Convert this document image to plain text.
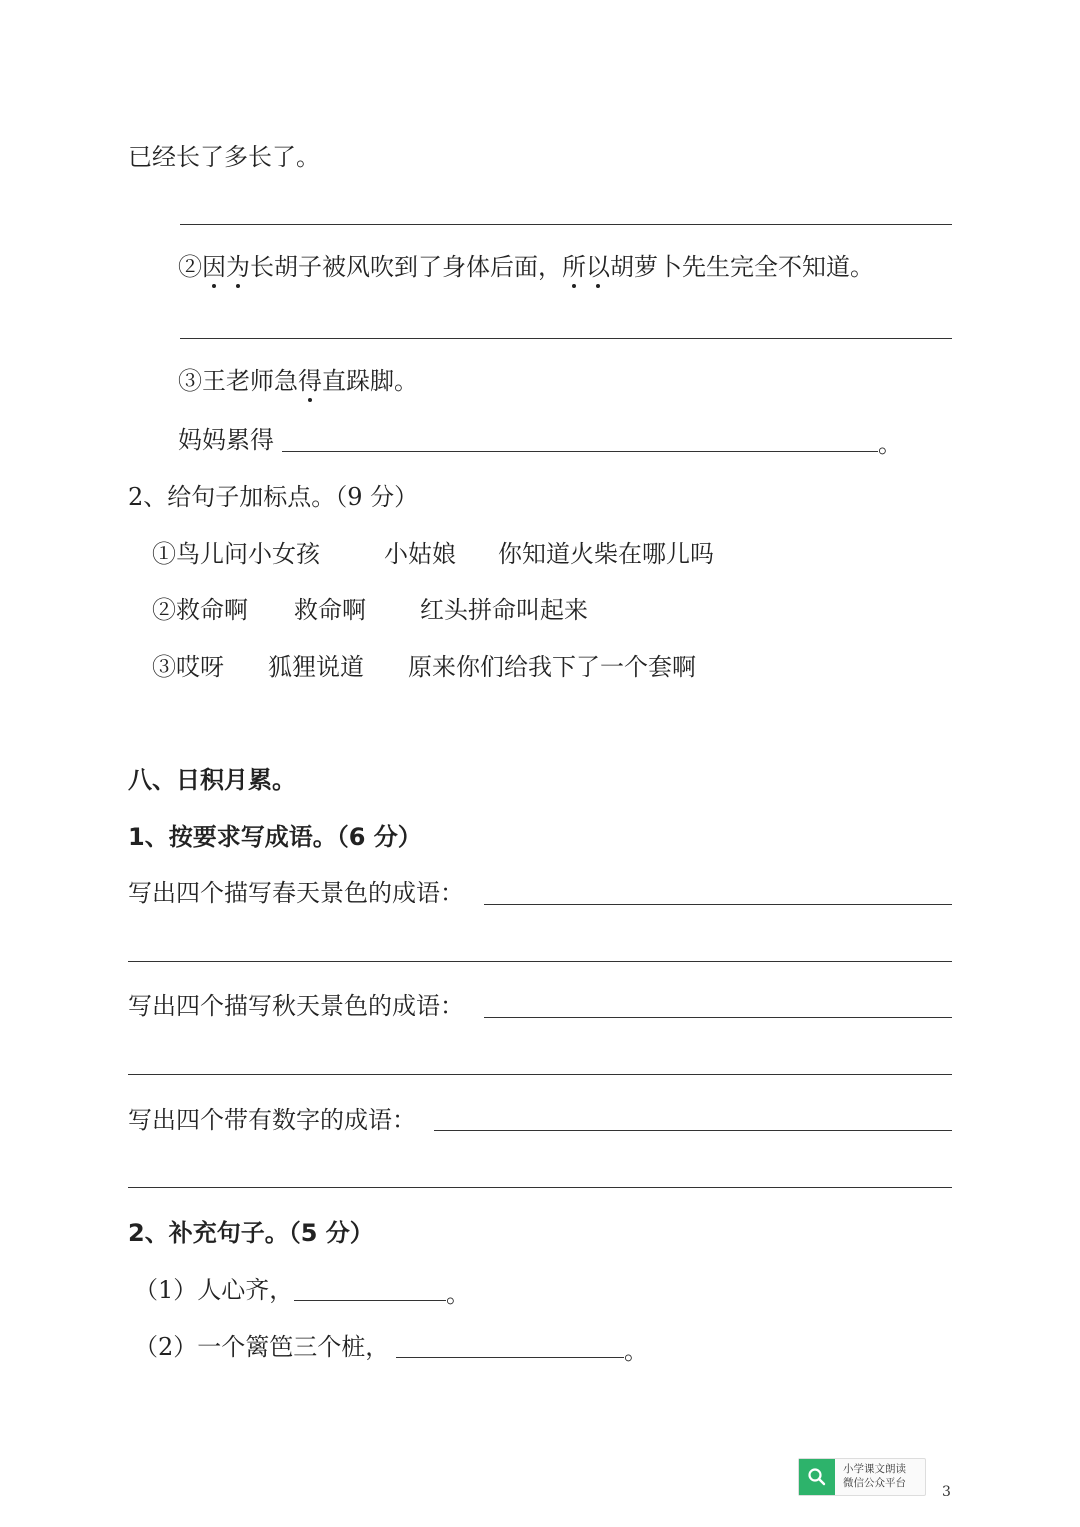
已经长了多长了。
②因为长胡子被风吹到了身体后面，所以胡萝卜先生完全不知道。
③王老师急得直跺脚。
妈妈累得	。
2、给句子加标点。（9 分）
①鸟儿问小女孩	小姑娘 你知道火柴在哪儿吗
②救命啊 救命啊 红头拼命叫起来
③哎呀 狐狸说道 原来你们给我下了一个套啊
八、日积月累。
1、按要求写成语。（6 分）
写出四个描写春天景色的成语：
写出四个描写秋天景色的成语：
写出四个带有数字的成语：
2、补充句子。（5 分）
（1）人心齐，	。
（2）一个篱笆三个桩，	。
小学课文朗读
微信公众平台
3
